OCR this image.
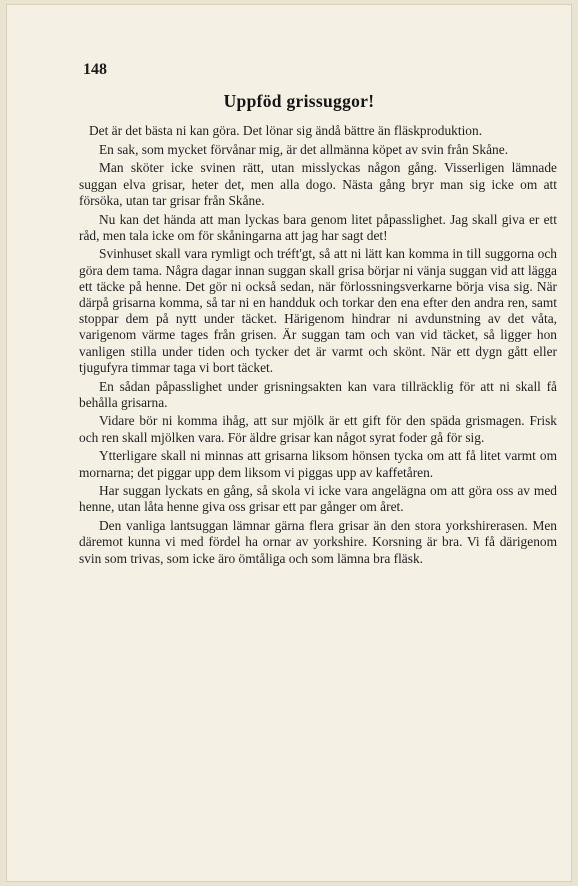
148
Uppföd grissuggor!

Det är det bästa ni kan göra. Det lönar sig ändå bättre än fläskproduktion.

En sak, som mycket förvånar mig, är det allmänna köpet av svin från Skåne.

Man sköter icke svinen rätt, utan misslyckas någon gång. Visserligen lämnade suggan elva grisar, heter det, men alla dogo. Nästa gång bryr man sig icke om att försöka, utan tar grisar från Skåne.

Nu kan det hända att man lyckas bara genom litet påpasslighet. Jag skall giva er ett råd, men tala icke om för skåningarna att jag har sagt det!

Svinhuset skall vara rymligt och tréft'gt, så att ni lätt kan komma in till suggorna och göra dem tama. Några dagar innan suggan skall grisa börjar ni vänja suggan vid att lägga ett täcke på henne. Det gör ni också sedan, när förlossningsverkarne börja visa sig. När därpå grisarna komma, så tar ni en handduk och torkar den ena efter den andra ren, samt stoppar dem på nytt under täcket. Härigenom hindrar ni avdunstning av det våta, varigenom värme tages från grisen. Är suggan tam och van vid täcket, så ligger hon vanligen stilla under tiden och tycker det är varmt och skönt. När ett dygn gått eller tjugufyra timmar taga vi bort täcket.

En sådan påpasslighet under grisningsakten kan vara tillräcklig för att ni skall få behålla grisarna.

Vidare bör ni komma ihåg, att sur mjölk är ett gift för den späda grismagen. Frisk och ren skall mjölken vara. För äldre grisar kan något syrat foder gå för sig.

Ytterligare skall ni minnas att grisarna liksom hönsen tycka om att få litet varmt om mornarna; det piggar upp dem liksom vi piggas upp av kaffetåren.

Har suggan lyckats en gång, så skola vi icke vara angelägna om att göra oss av med henne, utan låta henne giva oss grisar ett par gånger om året.

Den vanliga lantsuggan lämnar gärna flera grisar än den stora yorkshirerasen. Men däremot kunna vi med fördel ha ornar av yorkshire. Korsning är bra. Vi få därigenom svin som trivas, som icke äro ömtåliga och som lämna bra fläsk.
